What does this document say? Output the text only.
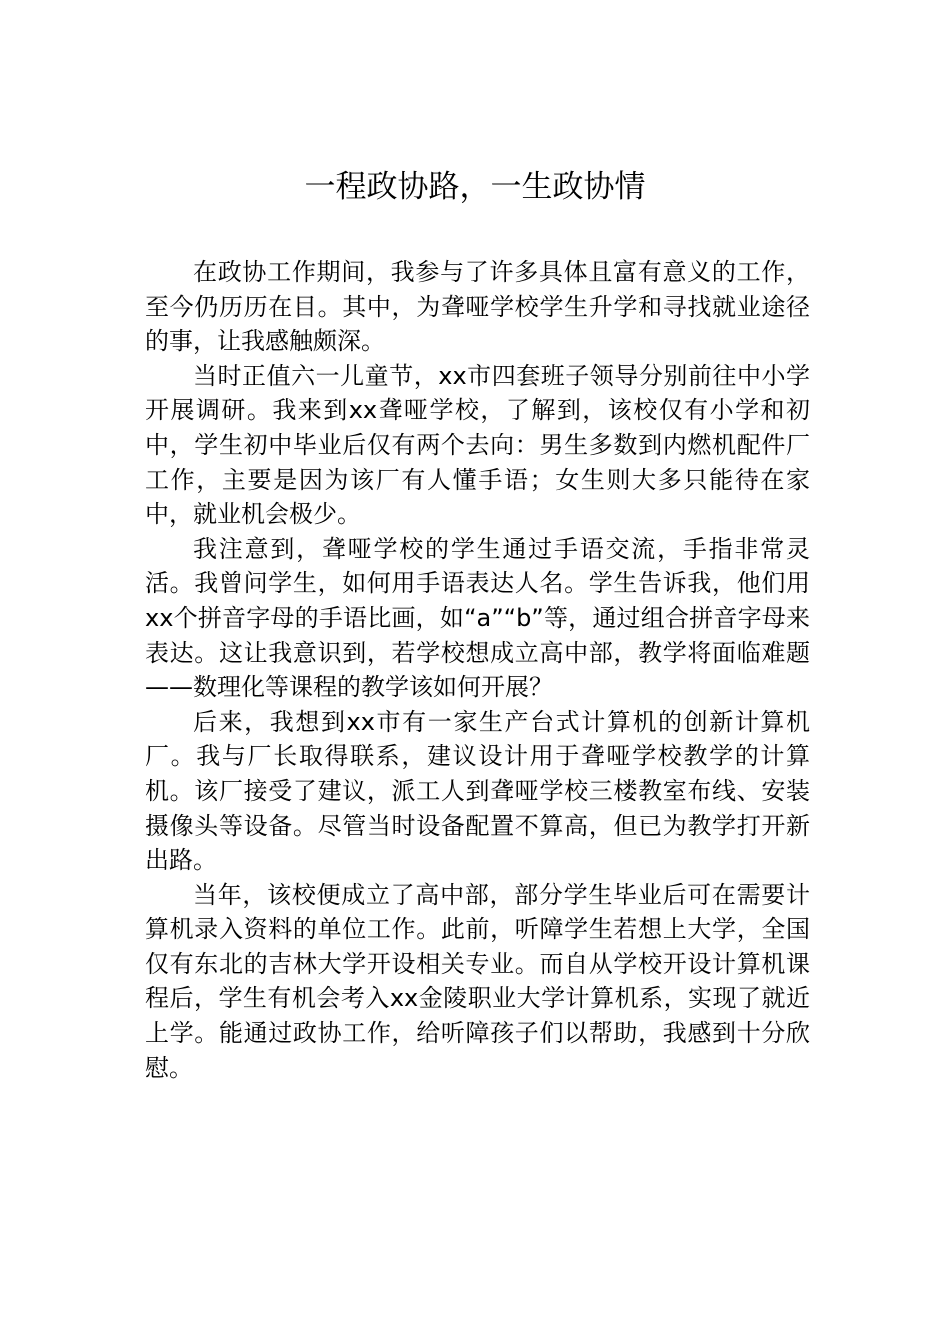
一程政协路，一生政协情

在政协工作期间，我参与了许多具体且富有意义的工作，至今仍历历在目。其中，为聋哑学校学生升学和寻找就业途径的事，让我感触颇深。

当时正值六一儿童节，xx市四套班子领导分别前往中小学开展调研。我来到xx聋哑学校，了解到，该校仅有小学和初中，学生初中毕业后仅有两个去向：男生多数到内燃机配件厂工作，主要是因为该厂有人懂手语；女生则大多只能待在家中，就业机会极少。

我注意到，聋哑学校的学生通过手语交流，手指非常灵活。我曾问学生，如何用手语表达人名。学生告诉我，他们用xx个拼音字母的手语比画，如“a”“b”等，通过组合拼音字母来表达。这让我意识到，若学校想成立高中部，教学将面临难题——数理化等课程的教学该如何开展？

后来，我想到xx市有一家生产台式计算机的创新计算机厂。我与厂长取得联系，建议设计用于聋哑学校教学的计算机。该厂接受了建议，派工人到聋哑学校三楼教室布线、安装摄像头等设备。尽管当时设备配置不算高，但已为教学打开新出路。

当年，该校便成立了高中部，部分学生毕业后可在需要计算机录入资料的单位工作。此前，听障学生若想上大学，全国仅有东北的吉林大学开设相关专业。而自从学校开设计算机课程后，学生有机会考入xx金陵职业大学计算机系，实现了就近上学。能通过政协工作，给听障孩子们以帮助，我感到十分欣慰。
